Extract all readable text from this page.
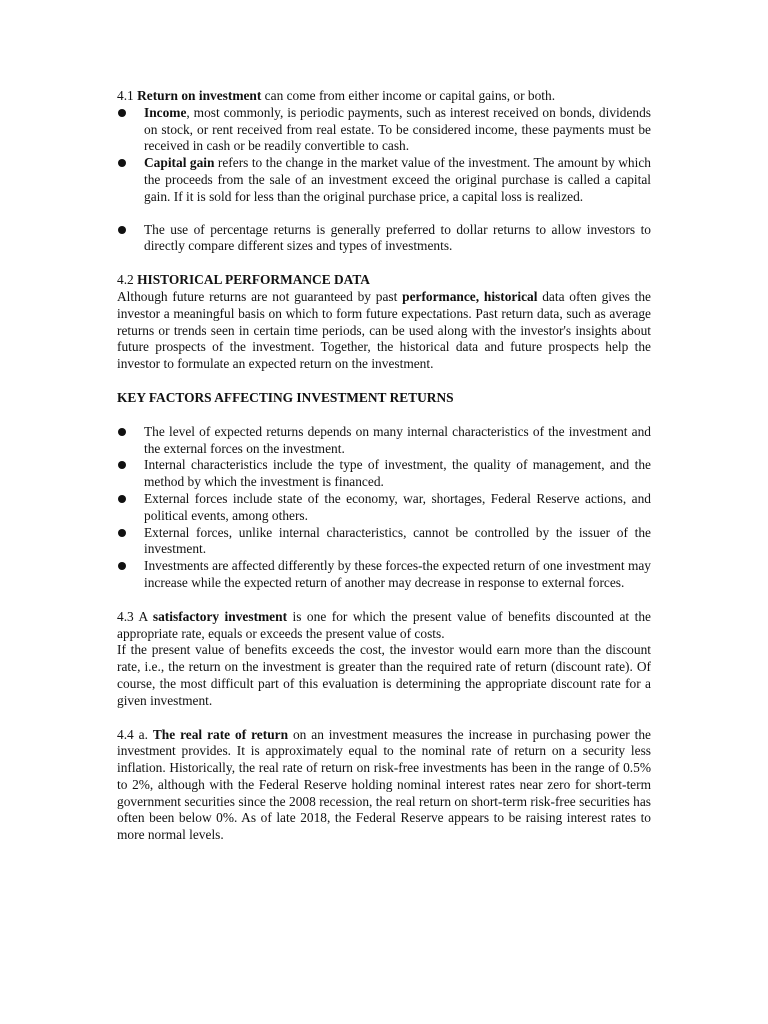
4.1 Return on investment can come from either income or capital gains, or both.

Income, most commonly, is periodic payments, such as interest received on bonds, dividends on stock, or rent received from real estate. To be considered income, these payments must be received in cash or be readily convertible to cash.
Capital gain refers to the change in the market value of the investment. The amount by which the proceeds from the sale of an investment exceed the original purchase is called a capital gain. If it is sold for less than the original purchase price, a capital loss is realized.
The use of percentage returns is generally preferred to dollar returns to allow investors to directly compare different sizes and types of investments.

4.2 HISTORICAL PERFORMANCE DATA

Although future returns are not guaranteed by past performance, historical data often gives the investor a meaningful basis on which to form future expectations. Past return data, such as average returns or trends seen in certain time periods, can be used along with the investor's insights about future prospects of the investment. Together, the historical data and future prospects help the investor to formulate an expected return on the investment.

KEY FACTORS AFFECTING INVESTMENT RETURNS

The level of expected returns depends on many internal characteristics of the investment and the external forces on the investment.
Internal characteristics include the type of investment, the quality of management, and the method by which the investment is financed.
External forces include state of the economy, war, shortages, Federal Reserve actions, and political events, among others.
External forces, unlike internal characteristics, cannot be controlled by the issuer of the investment.
Investments are affected differently by these forces-the expected return of one investment may increase while the expected return of another may decrease in response to external forces.

4.3 A satisfactory investment is one for which the present value of benefits discounted at the appropriate rate, equals or exceeds the present value of costs.

If the present value of benefits exceeds the cost, the investor would earn more than the discount rate, i.e., the return on the investment is greater than the required rate of return (discount rate). Of course, the most difficult part of this evaluation is determining the appropriate discount rate for a given investment.

4.4 a. The real rate of return on an investment measures the increase in purchasing power the investment provides. It is approximately equal to the nominal rate of return on a security less inflation. Historically, the real rate of return on risk-free investments has been in the range of 0.5% to 2%, although with the Federal Reserve holding nominal interest rates near zero for short-term government securities since the 2008 recession, the real return on short-term risk-free securities has often been below 0%. As of late 2018, the Federal Reserve appears to be raising interest rates to more normal levels.
